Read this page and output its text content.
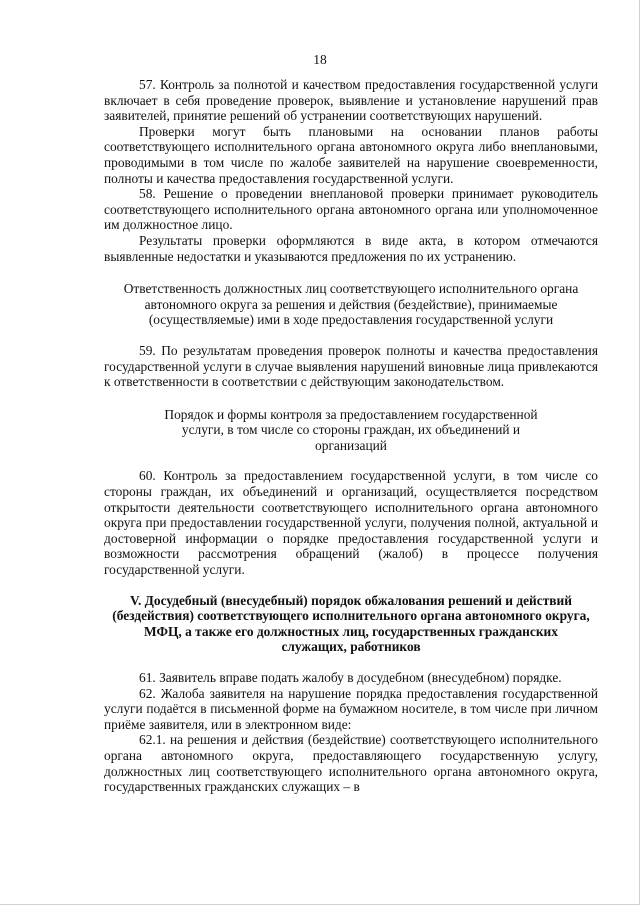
18

57. Контроль за полнотой и качеством предоставления государственной услуги включает в себя проведение проверок, выявление и установление нарушений прав заявителей, принятие решений об устранении соответствующих нарушений.

Проверки могут быть плановыми на основании планов работы соответствующего исполнительного органа автономного округа либо внеплановыми, проводимыми в том числе по жалобе заявителей на нарушение своевременности, полноты и качества предоставления государственной услуги.

58. Решение о проведении внеплановой проверки принимает руководитель соответствующего исполнительного органа автономного органа или уполномоченное им должностное лицо.

Результаты проверки оформляются в виде акта, в котором отмечаются выявленные недостатки и указываются предложения по их устранению.

Ответственность должностных лиц соответствующего исполнительного органа автономного округа за решения и действия (бездействие), принимаемые (осуществляемые) ими в ходе предоставления государственной услуги

59. По результатам проведения проверок полноты и качества предоставления государственной услуги в случае выявления нарушений виновные лица привлекаются к ответственности в соответствии с действующим законодательством.

Порядок и формы контроля за предоставлением государственной услуги, в том числе со стороны граждан, их объединений и организаций

60. Контроль за предоставлением государственной услуги, в том числе со стороны граждан, их объединений и организаций, осуществляется посредством открытости деятельности соответствующего исполнительного органа автономного округа при предоставлении государственной услуги, получения полной, актуальной и достоверной информации о порядке предоставления государственной услуги и возможности рассмотрения обращений (жалоб) в процессе получения государственной услуги.

V. Досудебный (внесудебный) порядок обжалования решений и действий (бездействия) соответствующего исполнительного органа автономного округа, МФЦ, а также его должностных лиц, государственных гражданских служащих, работников

61. Заявитель вправе подать жалобу в досудебном (внесудебном) порядке.

62. Жалоба заявителя на нарушение порядка предоставления государственной услуги подаётся в письменной форме на бумажном носителе, в том числе при личном приёме заявителя, или в электронном виде:

62.1. на решения и действия (бездействие) соответствующего исполнительного органа автономного округа, предоставляющего государственную услугу, должностных лиц соответствующего исполнительного органа автономного округа, государственных гражданских служащих – в
